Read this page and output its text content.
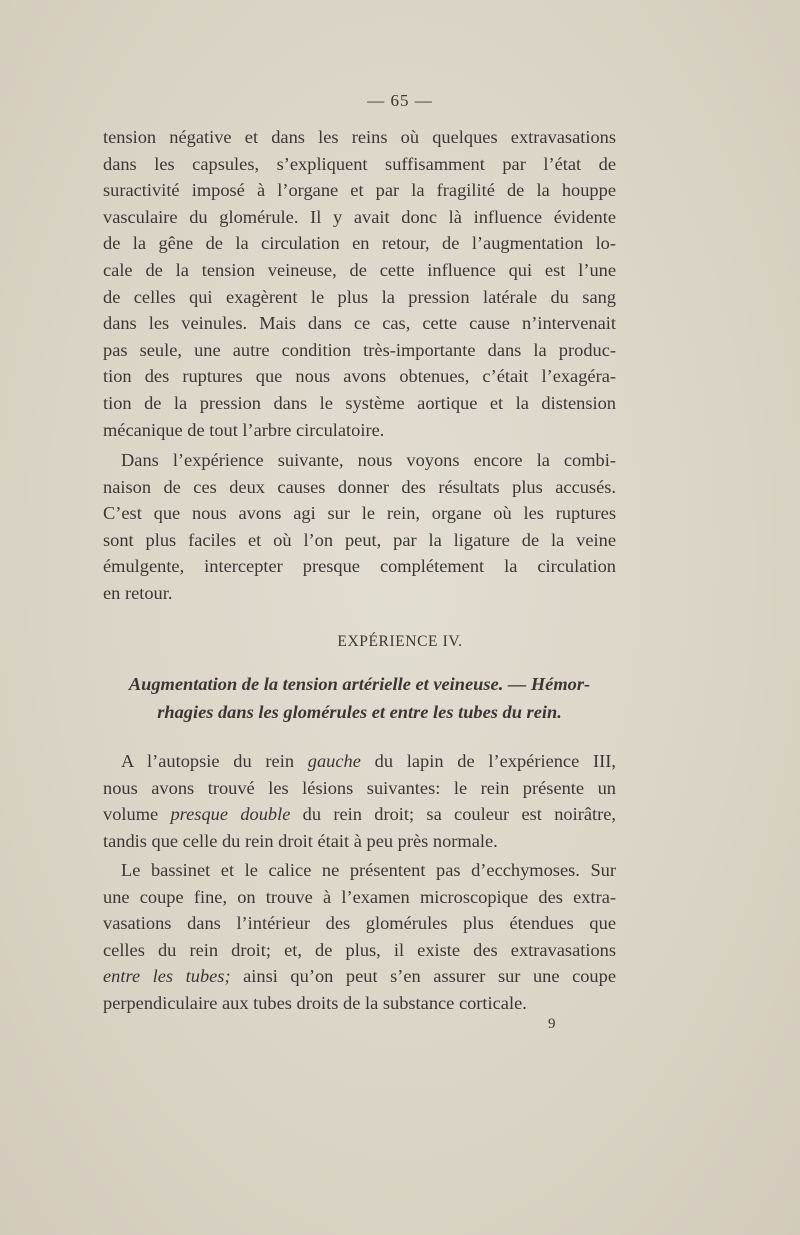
— 65 —
tension négative et dans les reins où quelques extravasations
dans les capsules, s’expliquent suffisamment par l’état de
suractivité imposé à l’organe et par la fragilité de la houppe
vasculaire du glomérule. Il y avait donc là influence évidente
de la gêne de la circulation en retour, de l’augmentation lo-
cale de la tension veineuse, de cette influence qui est l’une
de celles qui exagèrent le plus la pression latérale du sang
dans les veinules. Mais dans ce cas, cette cause n’intervenait
pas seule, une autre condition très-importante dans la produc-
tion des ruptures que nous avons obtenues, c’était l’exagéra-
tion de la pression dans le système aortique et la distension
mécanique de tout l’arbre circulatoire.
Dans l’expérience suivante, nous voyons encore la combi-
naison de ces deux causes donner des résultats plus accusés.
C’est que nous avons agi sur le rein, organe où les ruptures
sont plus faciles et où l’on peut, par la ligature de la veine
émulgente, intercepter presque complétement la circulation
en retour.
EXPÉRIENCE IV.
Augmentation de la tension artérielle et veineuse. — Hémor-
rhagies dans les glomérules et entre les tubes du rein.
A l’autopsie du rein gauche du lapin de l’expérience III,
nous avons trouvé les lésions suivantes: le rein présente un
volume presque double du rein droit; sa couleur est noirâtre,
tandis que celle du rein droit était à peu près normale.
Le bassinet et le calice ne présentent pas d’ecchymoses. Sur
une coupe fine, on trouve à l’examen microscopique des extra-
vasations dans l’intérieur des glomérules plus étendues que
celles du rein droit; et, de plus, il existe des extravasations
entre les tubes; ainsi qu’on peut s’en assurer sur une coupe
perpendiculaire aux tubes droits de la substance corticale.
9
